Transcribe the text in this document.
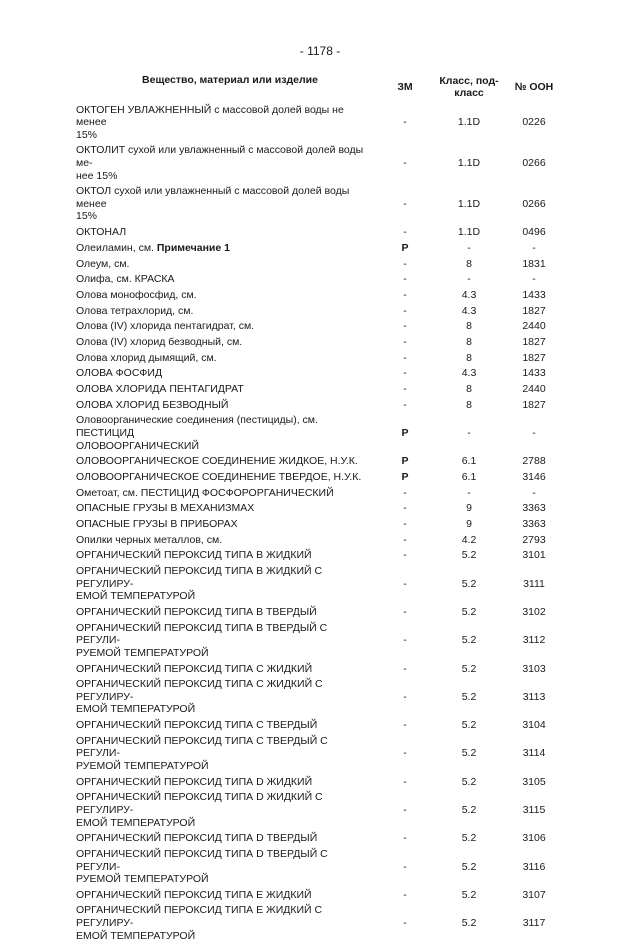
- 1178 -
Вещество, материал или изделие
ЗМ	Класс, под-
класс	№ ООН
ОКТОГЕН УВЛАЖНЕННЫЙ с массовой долей воды не менее
15%
-	1.1D	0226
ОКТОЛИТ сухой или увлажненный с массовой долей воды ме-
нее 15%
-	1.1D	0266
ОКТОЛ сухой или увлажненный с массовой долей воды менее
15%
-	1.1D	0266
ОКТОНАЛ	-	1.1D	0496
Олеиламин, см. Примечание 1	Р	-	-
Олеум, см.	-	8	1831
Олифа, см. КРАСКА	-	-	-
Олова монофосфид, см.	-	4.3	1433
Олова тетрахлорид, см.	-	4.3	1827
Олова (IV) хлорида пентагидрат, см.	-	8	2440
Олова (IV) хлорид безводный, см.	-	8	1827
Олова хлорид дымящий, см.	-	8	1827
ОЛОВА ФОСФИД	-	4.3	1433
ОЛОВА ХЛОРИДА ПЕНТАГИДРАТ	-	8	2440
ОЛОВА ХЛОРИД БЕЗВОДНЫЙ	-	8	1827
Оловоорганические соединения (пестициды), см. ПЕСТИЦИД
ОЛОВООРГАНИЧЕСКИЙ
Р	-	-
ОЛОВООРГАНИЧЕСКОЕ СОЕДИНЕНИЕ ЖИДКОЕ, Н.У.К.	Р	6.1	2788
ОЛОВООРГАНИЧЕСКОЕ СОЕДИНЕНИЕ ТВЕРДОЕ, Н.У.К.	Р	6.1	3146
Ометоат, см. ПЕСТИЦИД ФОСФОРОРГАНИЧЕСКИЙ	-	-	-
ОПАСНЫЕ ГРУЗЫ В МЕХАНИЗМАХ	-	9	3363
ОПАСНЫЕ ГРУЗЫ В ПРИБОРАХ	-	9	3363
Опилки черных металлов, см.	-	4.2	2793
ОРГАНИЧЕСКИЙ ПЕРОКСИД ТИПА В ЖИДКИЙ	-	5.2	3101
ОРГАНИЧЕСКИЙ ПЕРОКСИД ТИПА В ЖИДКИЙ С РЕГУЛИРУ-
ЕМОЙ ТЕМПЕРАТУРОЙ
-	5.2	3111
ОРГАНИЧЕСКИЙ ПЕРОКСИД ТИПА В ТВЕРДЫЙ	-	5.2	3102
ОРГАНИЧЕСКИЙ ПЕРОКСИД ТИПА В ТВЕРДЫЙ С РЕГУЛИ-
РУЕМОЙ ТЕМПЕРАТУРОЙ
-	5.2	3112
ОРГАНИЧЕСКИЙ ПЕРОКСИД ТИПА С ЖИДКИЙ	-	5.2	3103
ОРГАНИЧЕСКИЙ ПЕРОКСИД ТИПА С ЖИДКИЙ С РЕГУЛИРУ-
ЕМОЙ ТЕМПЕРАТУРОЙ
-	5.2	3113
ОРГАНИЧЕСКИЙ ПЕРОКСИД ТИПА С ТВЕРДЫЙ	-	5.2	3104
ОРГАНИЧЕСКИЙ ПЕРОКСИД ТИПА С ТВЕРДЫЙ С РЕГУЛИ-
РУЕМОЙ ТЕМПЕРАТУРОЙ
-	5.2	3114
ОРГАНИЧЕСКИЙ ПЕРОКСИД ТИПА D ЖИДКИЙ	-	5.2	3105
ОРГАНИЧЕСКИЙ ПЕРОКСИД ТИПА D ЖИДКИЙ С РЕГУЛИРУ-
ЕМОЙ ТЕМПЕРАТУРОЙ
-	5.2	3115
ОРГАНИЧЕСКИЙ ПЕРОКСИД ТИПА D ТВЕРДЫЙ	-	5.2	3106
ОРГАНИЧЕСКИЙ ПЕРОКСИД ТИПА D ТВЕРДЫЙ С РЕГУЛИ-
РУЕМОЙ ТЕМПЕРАТУРОЙ
-	5.2	3116
ОРГАНИЧЕСКИЙ ПЕРОКСИД ТИПА Е ЖИДКИЙ	-	5.2	3107
ОРГАНИЧЕСКИЙ ПЕРОКСИД ТИПА Е ЖИДКИЙ С РЕГУЛИРУ-
ЕМОЙ ТЕМПЕРАТУРОЙ
-	5.2	3117
